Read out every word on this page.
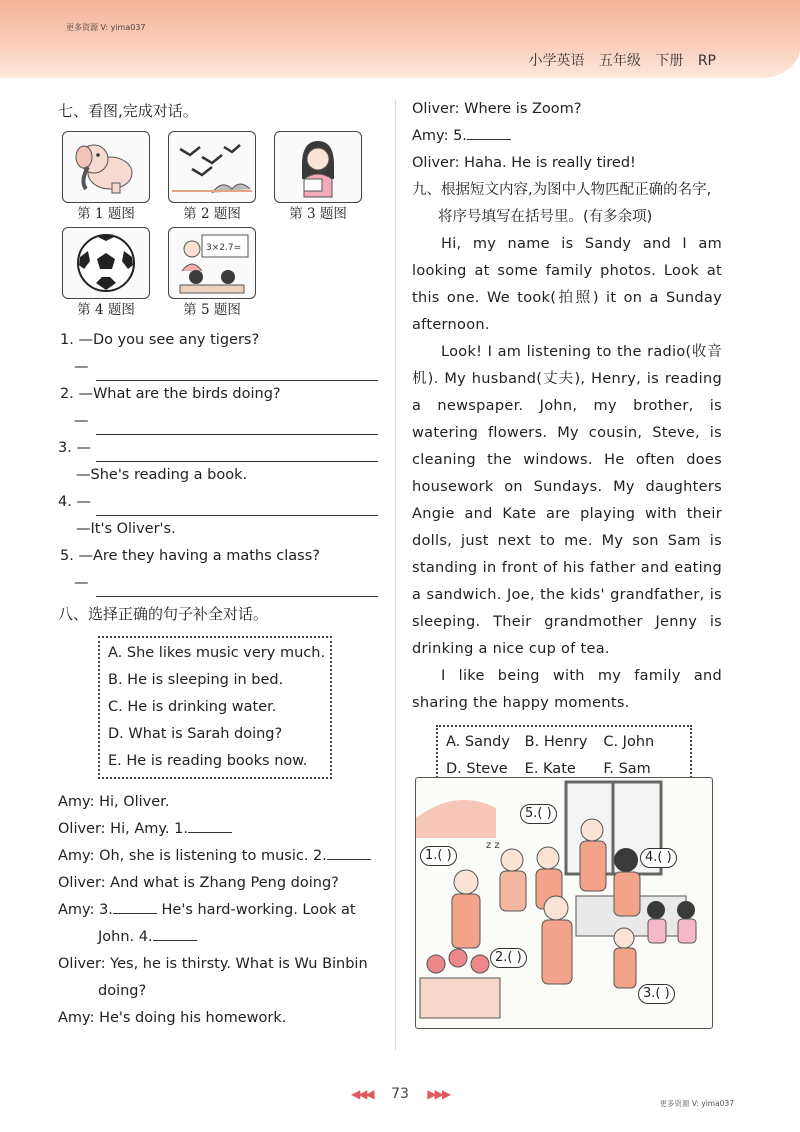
更多资源 V: yima037
小学英语 五年级 下册 RP
七、看图,完成对话。
第 1 题图	第 2 题图	第 3 题图
第 4 题图
3×2.7=
第 5 题图
1. —Do you see any tigers?
—
2. —What are the birds doing?
—
3. —
—She's reading a book.
4. —
—It's Oliver's.
5. —Are they having a maths class?
—
八、选择正确的句子补全对话。
A. She likes music very much.
B. He is sleeping in bed.
C. He is drinking water.
D. What is Sarah doing?
E. He is reading books now.
Amy: Hi, Oliver.
Oliver: Hi, Amy. 1.
Amy: Oh, she is listening to music. 2.
Oliver: And what is Zhang Peng doing?
Amy: 3.	He's hard-working. Look at John. 4.
Oliver: Yes, he is thirsty. What is Wu Binbin doing?
Amy: He's doing his homework.
Oliver: Where is Zoom?
Amy: 5.
Oliver: Haha. He is really tired!
九、根据短文内容,为图中人物匹配正确的名字,将序号填写在括号里。(有多余项)
Hi, my name is Sandy and I am looking at some family photos. Look at this one. We took(拍照) it on a Sunday afternoon.
Look! I am listening to the radio(收音机). My husband(丈夫), Henry, is reading a newspaper. John, my brother, is watering flowers. My cousin, Steve, is cleaning the windows. He often does housework on Sundays. My daughters Angie and Kate are playing with their dolls, just next to me. My son Sam is standing in front of his father and eating a sandwich. Joe, the kids' grandfather, is sleeping. Their grandmother Jenny is drinking a nice cup of tea.
I like being with my family and sharing the happy moments.
A. Sandy	B. Henry	C. John
D. Steve	E. Kate	F. Sam
z z
5.( )
1.( )	4.( )
2.( )
3.( )
◀◀◀ 73 ▶▶▶
更多资源 V: yima037
